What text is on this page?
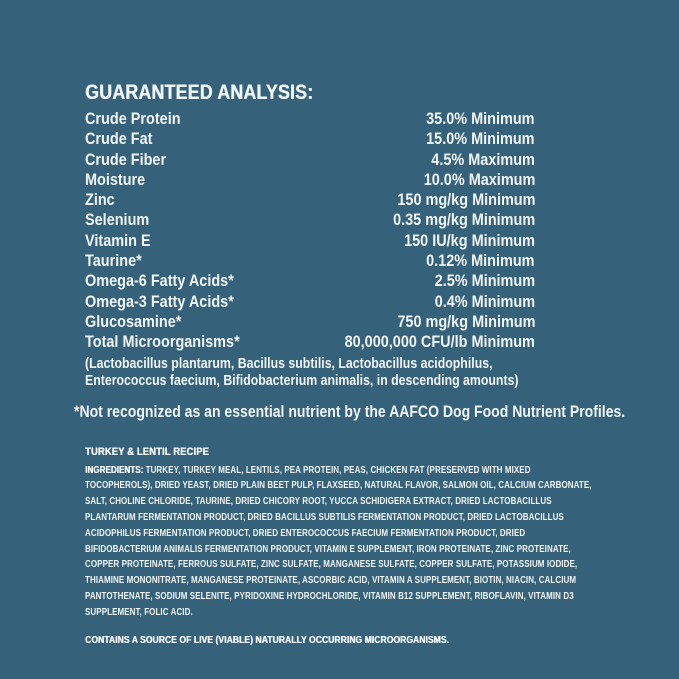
GUARANTEED ANALYSIS:
Crude Protein	35.0% Minimum
Crude Fat	15.0% Minimum
Crude Fiber	4.5% Maximum
Moisture	10.0% Maximum
Zinc	150 mg/kg Minimum
Selenium	0.35 mg/kg Minimum
Vitamin E	150 IU/kg Minimum
Taurine*	0.12% Minimum
Omega-6 Fatty Acids*	2.5% Minimum
Omega-3 Fatty Acids*	0.4% Minimum
Glucosamine*	750 mg/kg Minimum
Total Microorganisms*	80,000,000 CFU/lb Minimum

(Lactobacillus plantarum, Bacillus subtilis, Lactobacillus acidophilus,
Enterococcus faecium, Bifidobacterium animalis, in descending amounts)

*Not recognized as an essential nutrient by the AAFCO Dog Food Nutrient Profiles.

TURKEY & LENTIL RECIPE

INGREDIENTS: TURKEY, TURKEY MEAL, LENTILS, PEA PROTEIN, PEAS, CHICKEN FAT (PRESERVED WITH MIXED TOCOPHEROLS), DRIED YEAST, DRIED PLAIN BEET PULP, FLAXSEED, NATURAL FLAVOR, SALMON OIL, CALCIUM CARBONATE, SALT, CHOLINE CHLORIDE, TAURINE, DRIED CHICORY ROOT, YUCCA SCHIDIGERA EXTRACT, DRIED LACTOBACILLUS PLANTARUM FERMENTATION PRODUCT, DRIED BACILLUS SUBTILIS FERMENTATION PRODUCT, DRIED LACTOBACILLUS ACIDOPHILUS FERMENTATION PRODUCT, DRIED ENTEROCOCCUS FAECIUM FERMENTATION PRODUCT, DRIED BIFIDOBACTERIUM ANIMALIS FERMENTATION PRODUCT, VITAMIN E SUPPLEMENT, IRON PROTEINATE, ZINC PROTEINATE, COPPER PROTEINATE, FERROUS SULFATE, ZINC SULFATE, MANGANESE SULFATE, COPPER SULFATE, POTASSIUM IODIDE, THIAMINE MONONITRATE, MANGANESE PROTEINATE, ASCORBIC ACID, VITAMIN A SUPPLEMENT, BIOTIN, NIACIN, CALCIUM PANTOTHENATE, SODIUM SELENITE, PYRIDOXINE HYDROCHLORIDE, VITAMIN B12 SUPPLEMENT, RIBOFLAVIN, VITAMIN D3 SUPPLEMENT, FOLIC ACID.

CONTAINS A SOURCE OF LIVE (VIABLE) NATURALLY OCCURRING MICROORGANISMS.
